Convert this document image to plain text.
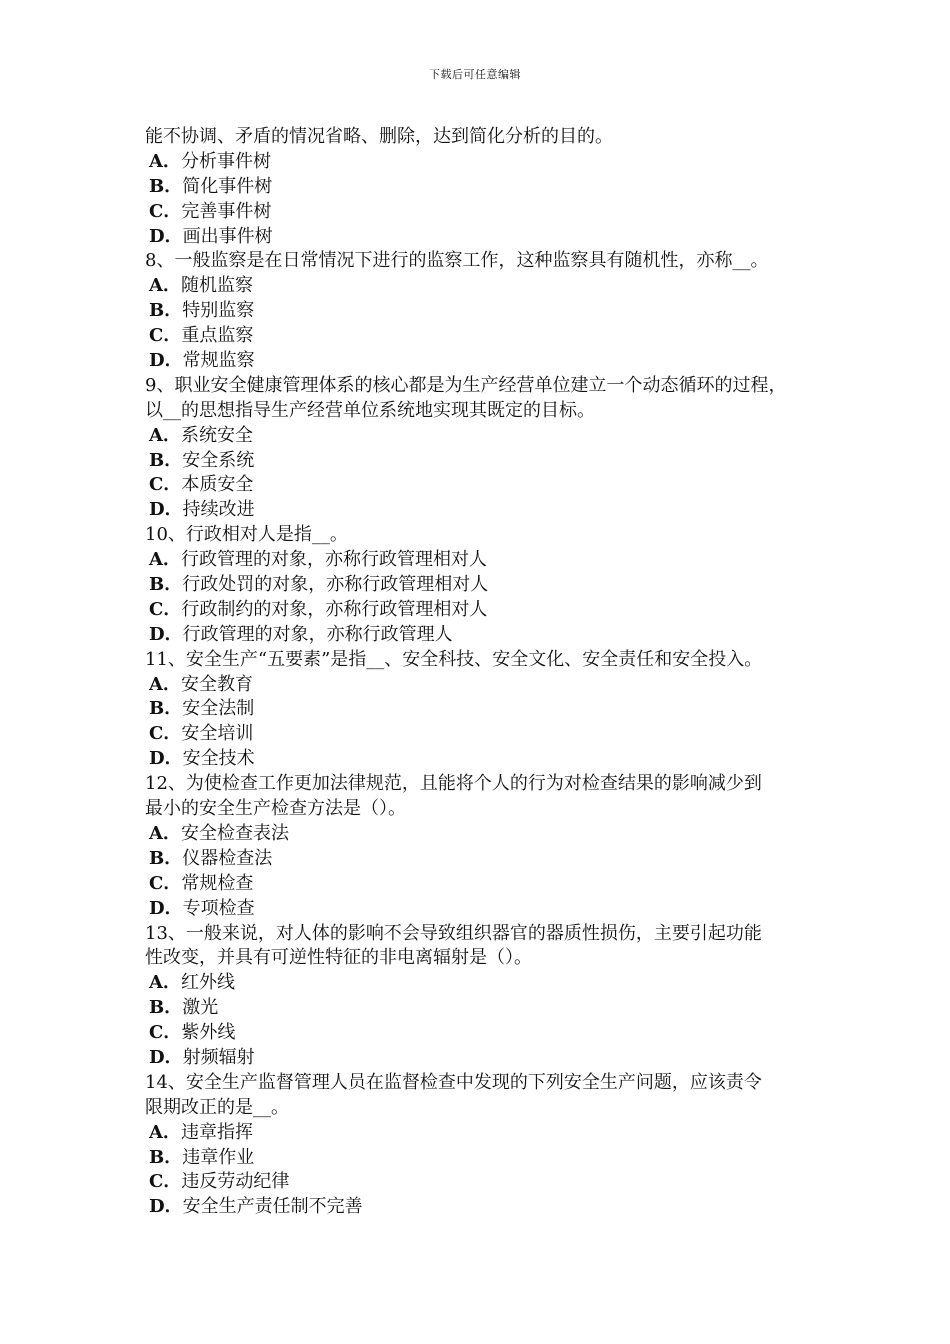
下载后可任意编辑
能不协调、矛盾的情况省略、删除，达到简化分析的目的。
A．分析事件树
B．简化事件树
C．完善事件树
D．画出事件树
8、一般监察是在日常情况下进行的监察工作，这种监察具有随机性，亦称__。
A．随机监察
B．特别监察
C．重点监察
D．常规监察
9、职业安全健康管理体系的核心都是为生产经营单位建立一个动态循环的过程，
以__的思想指导生产经营单位系统地实现其既定的目标。
A．系统安全
B．安全系统
C．本质安全
D．持续改进
10、行政相对人是指__。
A．行政管理的对象，亦称行政管理相对人
B．行政处罚的对象，亦称行政管理相对人
C．行政制约的对象，亦称行政管理相对人
D．行政管理的对象，亦称行政管理人
11、安全生产“五要素”是指__、安全科技、安全文化、安全责任和安全投入。
A．安全教育
B．安全法制
C．安全培训
D．安全技术
12、为使检查工作更加法律规范，且能将个人的行为对检查结果的影响减少到
最小的安全生产检查方法是（）。
A．安全检查表法
B．仪器检查法
C．常规检查
D．专项检查
13、一般来说，对人体的影响不会导致组织器官的器质性损伤，主要引起功能
性改变，并具有可逆性特征的非电离辐射是（）。
A．红外线
B．激光
C．紫外线
D．射频辐射
14、安全生产监督管理人员在监督检查中发现的下列安全生产问题，应该责令
限期改正的是__。
A．违章指挥
B．违章作业
C．违反劳动纪律
D．安全生产责任制不完善
